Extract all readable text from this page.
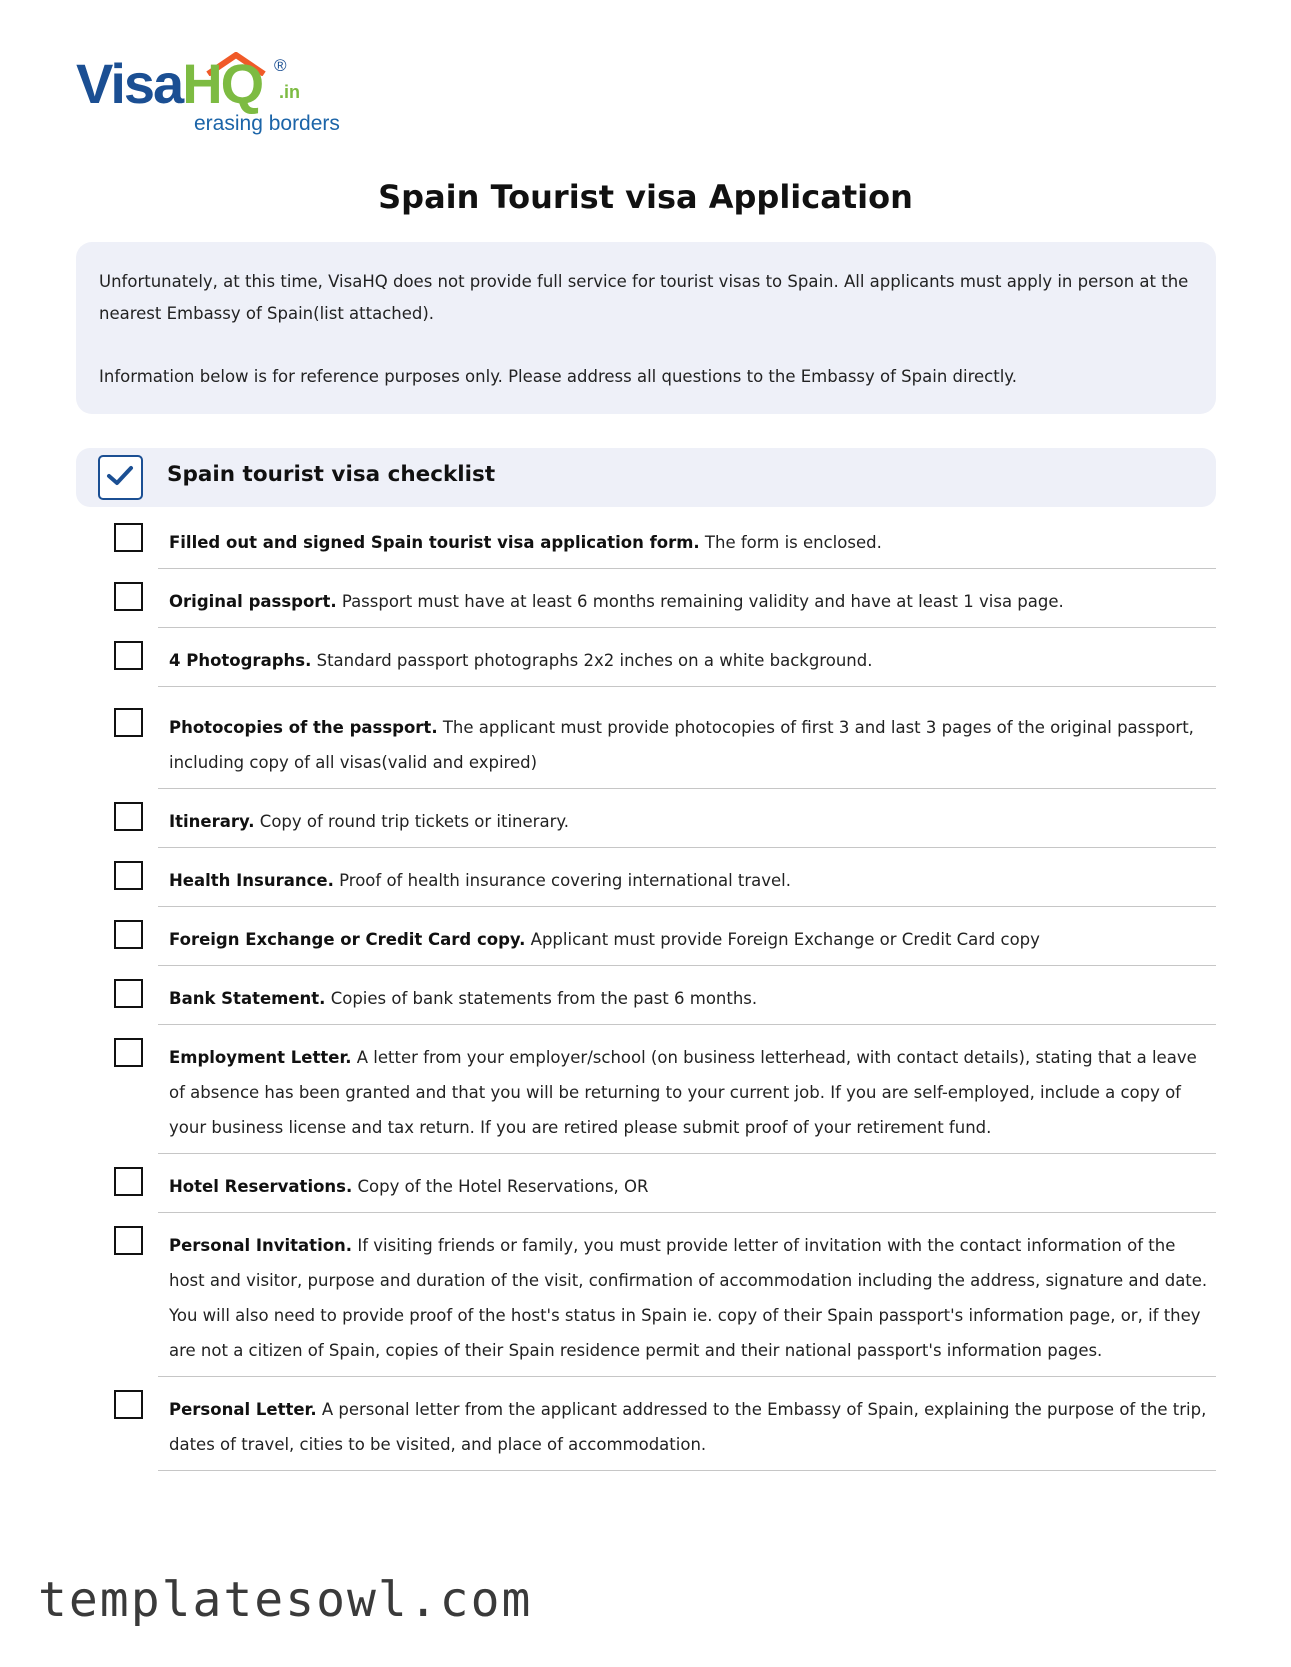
VisaHQ ®
.in
erasing borders
Spain Tourist visa Application

Unfortunately, at this time, VisaHQ does not provide full service for tourist visas to Spain. All applicants must apply in person at the nearest Embassy of Spain(list attached).

Information below is for reference purposes only. Please address all questions to the Embassy of Spain directly.

Spain tourist visa checklist
Filled out and signed Spain tourist visa application form. The form is enclosed.
Original passport. Passport must have at least 6 months remaining validity and have at least 1 visa page.
4 Photographs. Standard passport photographs 2x2 inches on a white background.
Photocopies of the passport. The applicant must provide photocopies of first 3 and last 3 pages of the original passport, including copy of all visas(valid and expired)
Itinerary. Copy of round trip tickets or itinerary.
Health Insurance. Proof of health insurance covering international travel.
Foreign Exchange or Credit Card copy. Applicant must provide Foreign Exchange or Credit Card copy
Bank Statement. Copies of bank statements from the past 6 months.
Employment Letter. A letter from your employer/school (on business letterhead, with contact details), stating that a leave of absence has been granted and that you will be returning to your current job. If you are self-employed, include a copy of your business license and tax return. If you are retired please submit proof of your retirement fund.
Hotel Reservations. Copy of the Hotel Reservations, OR
Personal Invitation. If visiting friends or family, you must provide letter of invitation with the contact information of the host and visitor, purpose and duration of the visit, confirmation of accommodation including the address, signature and date. You will also need to provide proof of the host's status in Spain ie. copy of their Spain passport's information page, or, if they are not a citizen of Spain, copies of their Spain residence permit and their national passport's information pages.
Personal Letter. A personal letter from the applicant addressed to the Embassy of Spain, explaining the purpose of the trip, dates of travel, cities to be visited, and place of accommodation.
templatesowl.com
